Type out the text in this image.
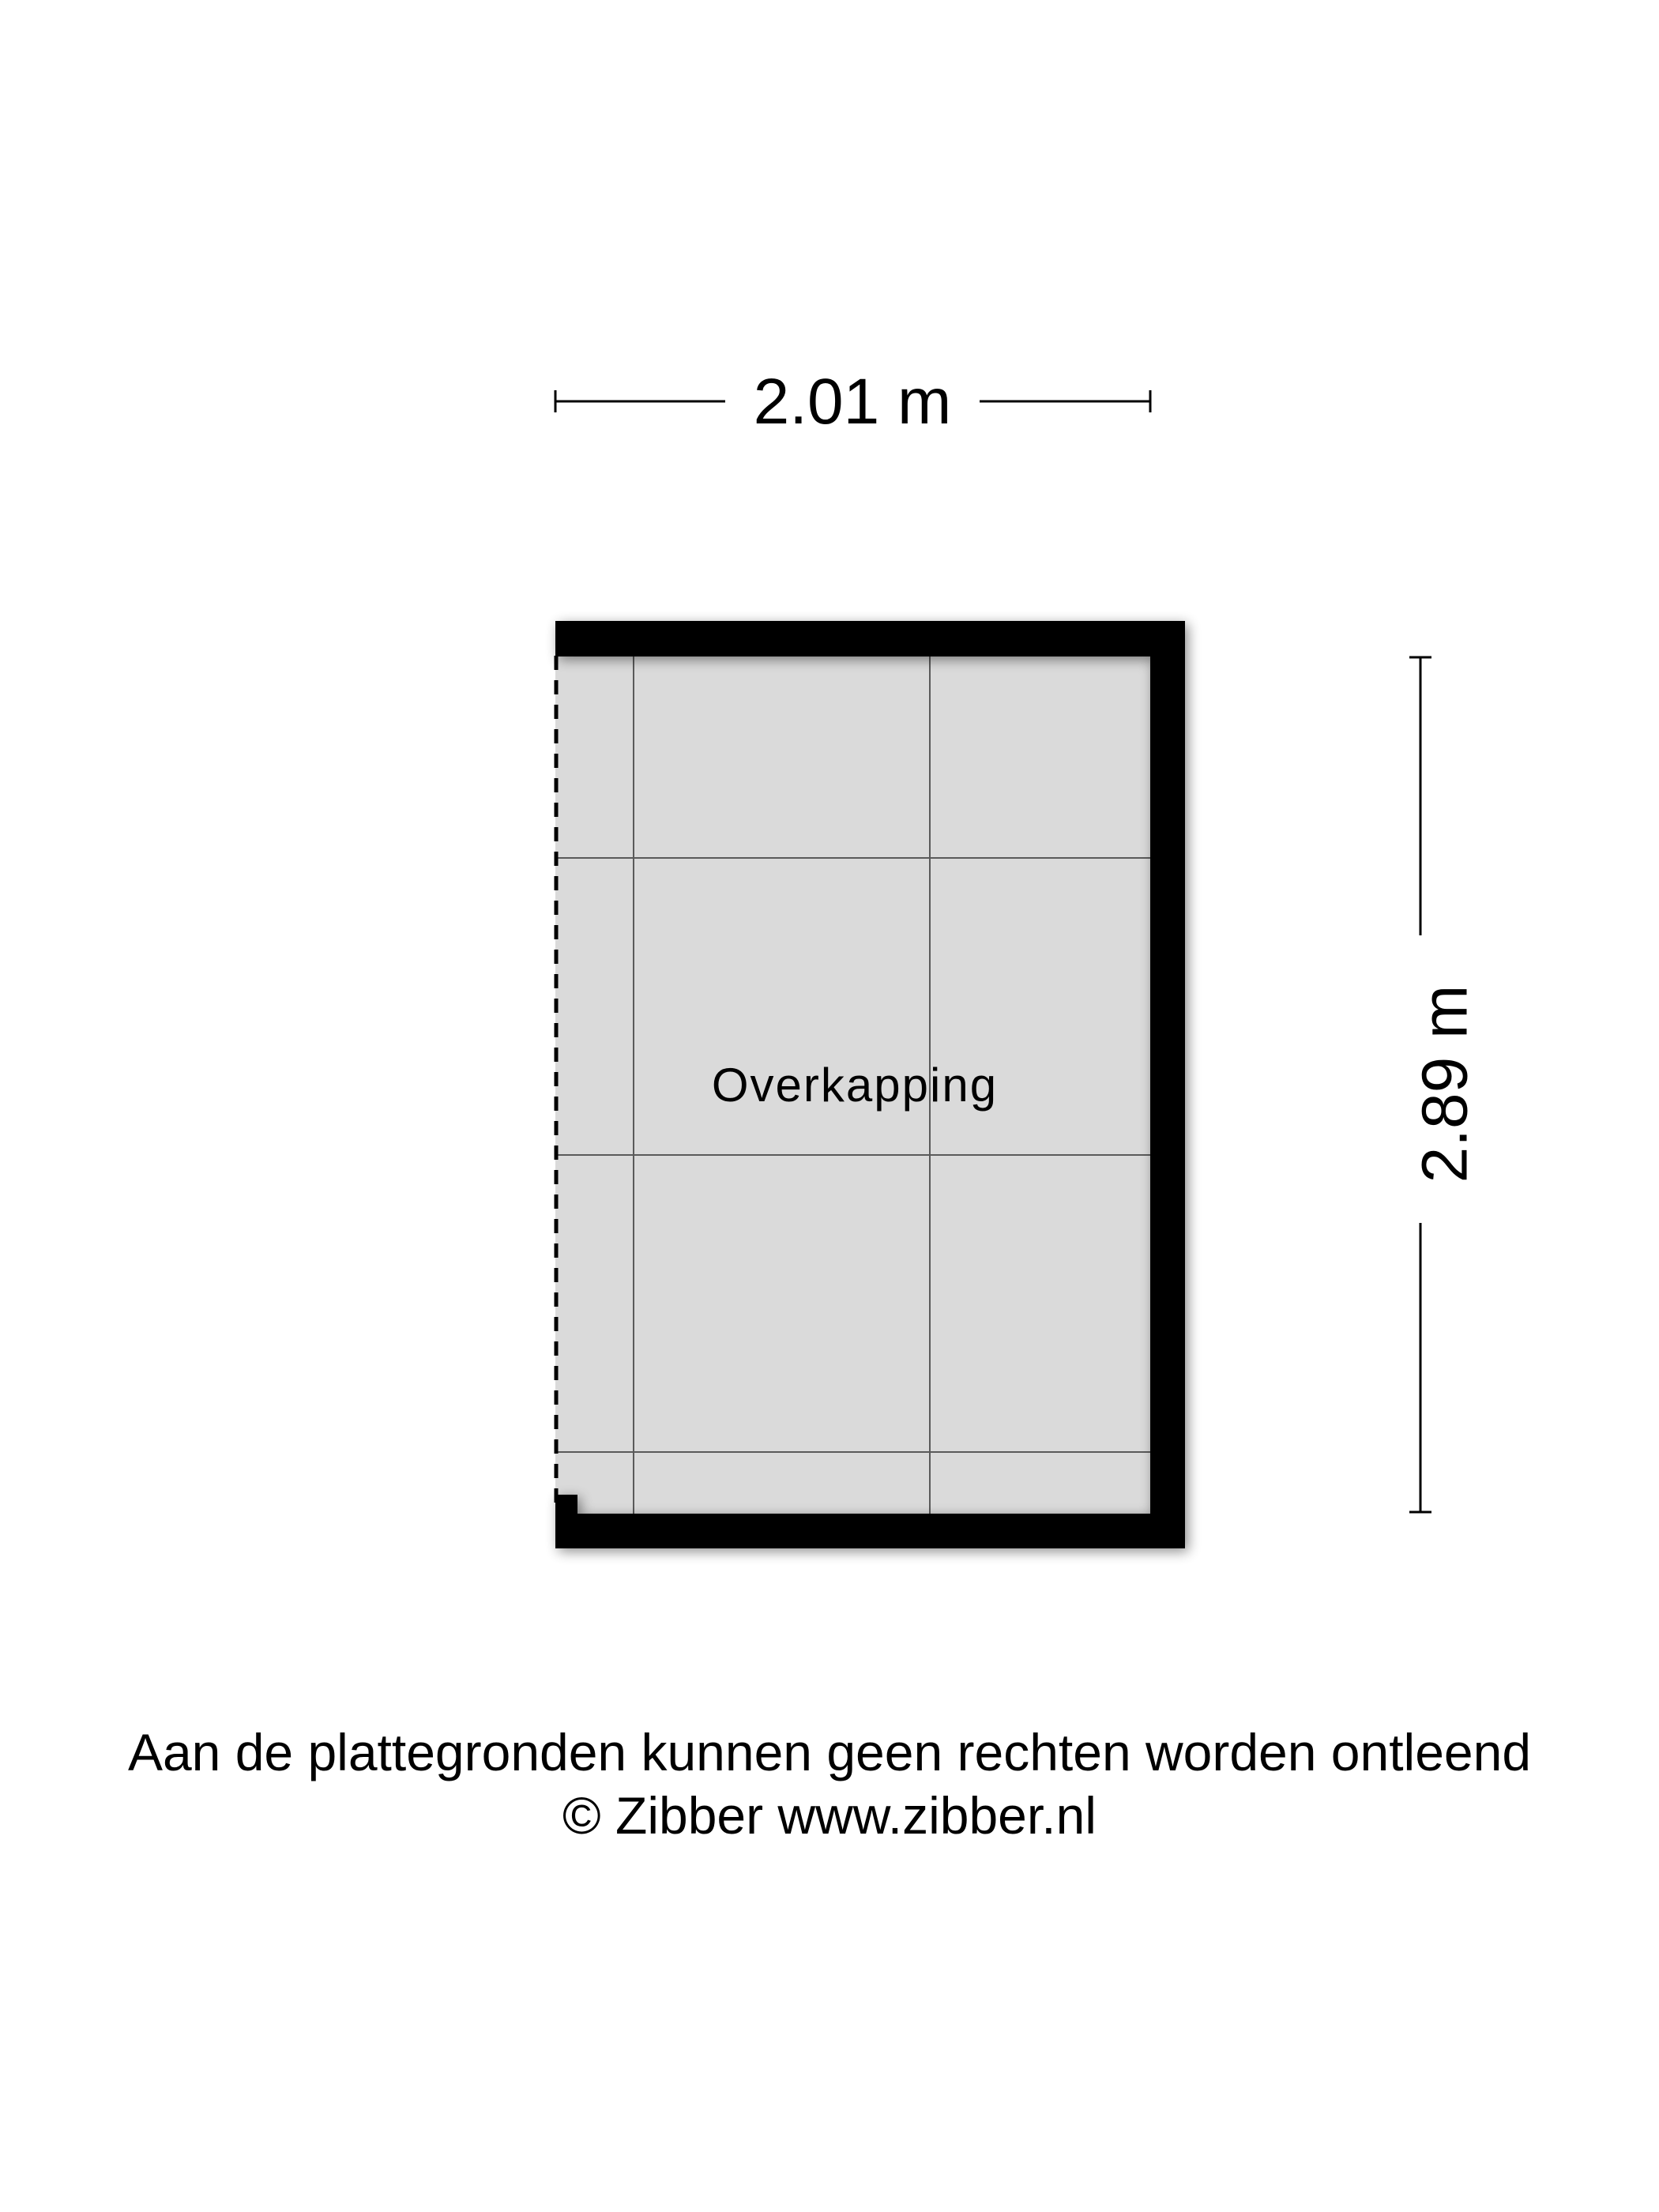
2.01 m
2.89 m
Overkapping
Aan de plattegronden kunnen geen rechten worden ontleend
© Zibber www.zibber.nl
